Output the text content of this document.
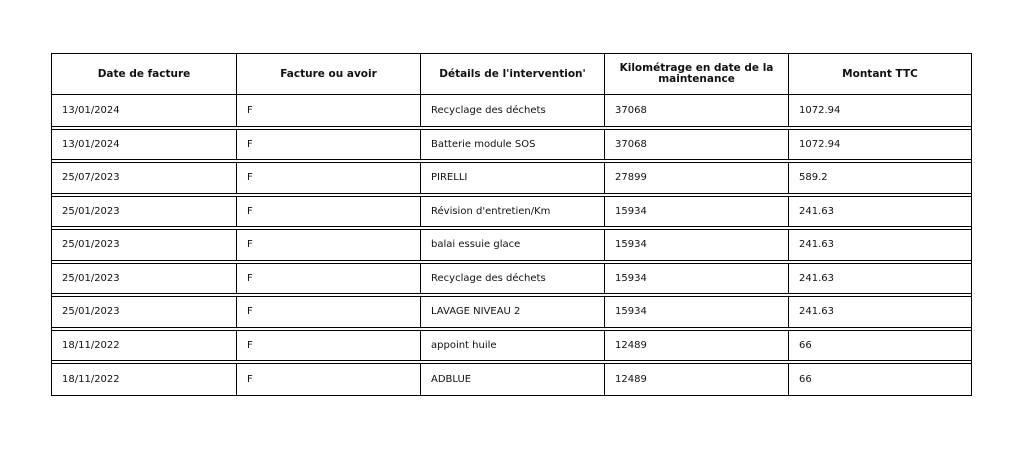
Date de facture	Facture ou avoir	Détails de l'intervention'	Kilométrage en date de la maintenance	Montant TTC
13/01/2024	F	Recyclage des déchets	37068	1072.94
13/01/2024	F	Batterie module SOS	37068	1072.94
25/07/2023	F	PIRELLI	27899	589.2
25/01/2023	F	Révision d'entretien/Km	15934	241.63
25/01/2023	F	balai essuie glace	15934	241.63
25/01/2023	F	Recyclage des déchets	15934	241.63
25/01/2023	F	LAVAGE NIVEAU 2	15934	241.63
18/11/2022	F	appoint huile	12489	66
18/11/2022	F	ADBLUE	12489	66
